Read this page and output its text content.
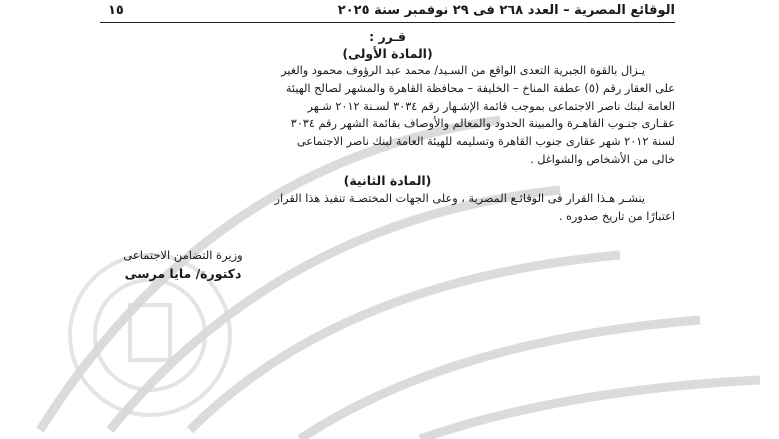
الوقائع المصرية – العدد ٢٦٨ فى ٢٩ نوفمبر سنة ٢٠٢٥
١٥
قـرر :
(المادة الأولى)
يـزال بالقوة الجبرية التعدى الواقع من السـيد/ محمد عبد الرؤوف محمود والغير
على العقار رقم (٥) عطفة المناخ – الخليفة – محافظة القاهرة والمشهر لصالح الهيئة
العامة لبنك ناصر الاجتماعى بموجب قائمة الإشـهار رقم ٣٠٣٤ لسـنة ٢٠١٢ شـهر
عقـارى جنـوب القاهـرة والمبينة الحدود والمعالم والأوصاف بقائمة الشهر رقم ٣٠٣٤
لسنة ٢٠١٢ شهر عقارى جنوب القاهرة وتسليمه للهيئة العامة لبنك ناصر الاجتماعى
خالى من الأشخاص والشواغل .
(المادة الثانية)
ينشـر هـذا القرار فى الوقائـع المصرية ، وعلى الجهات المختصـة تنفيذ هذا القرار
اعتبارًا من تاريخ صدوره .
وزيرة التضامن الاجتماعى
دكتورة/ مايا مرسى
